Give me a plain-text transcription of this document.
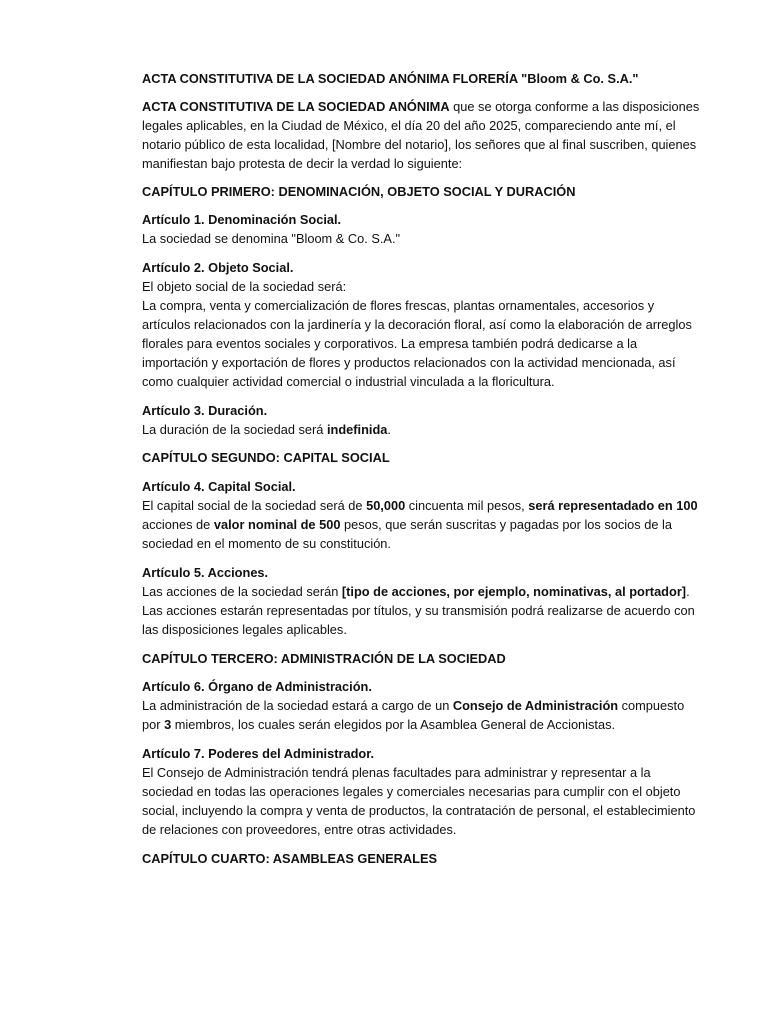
ACTA CONSTITUTIVA DE LA SOCIEDAD ANÓNIMA FLORERÍA "Bloom & Co. S.A."

ACTA CONSTITUTIVA DE LA SOCIEDAD ANÓNIMA que se otorga conforme a las disposiciones legales aplicables, en la Ciudad de México, el día 20 del año 2025, compareciendo ante mí, el notario público de esta localidad, [Nombre del notario], los señores que al final suscriben, quienes manifiestan bajo protesta de decir la verdad lo siguiente:

CAPÍTULO PRIMERO: DENOMINACIÓN, OBJETO SOCIAL Y DURACIÓN

Artículo 1. Denominación Social.
La sociedad se denomina "Bloom & Co. S.A."
Artículo 2. Objeto Social.
El objeto social de la sociedad será:
La compra, venta y comercialización de flores frescas, plantas ornamentales, accesorios y artículos relacionados con la jardinería y la decoración floral, así como la elaboración de arreglos florales para eventos sociales y corporativos. La empresa también podrá dedicarse a la importación y exportación de flores y productos relacionados con la actividad mencionada, así como cualquier actividad comercial o industrial vinculada a la floricultura.
Artículo 3. Duración.
La duración de la sociedad será indefinida.

CAPÍTULO SEGUNDO: CAPITAL SOCIAL

Artículo 4. Capital Social.
El capital social de la sociedad será de 50,000 cincuenta mil pesos, será representadado en 100 acciones de valor nominal de 500 pesos, que serán suscritas y pagadas por los socios de la sociedad en el momento de su constitución.
Artículo 5. Acciones.
Las acciones de la sociedad serán [tipo de acciones, por ejemplo, nominativas, al portador]. Las acciones estarán representadas por títulos, y su transmisión podrá realizarse de acuerdo con las disposiciones legales aplicables.

CAPÍTULO TERCERO: ADMINISTRACIÓN DE LA SOCIEDAD

Artículo 6. Órgano de Administración.
La administración de la sociedad estará a cargo de un Consejo de Administración compuesto por 3 miembros, los cuales serán elegidos por la Asamblea General de Accionistas.
Artículo 7. Poderes del Administrador.
El Consejo de Administración tendrá plenas facultades para administrar y representar a la sociedad en todas las operaciones legales y comerciales necesarias para cumplir con el objeto social, incluyendo la compra y venta de productos, la contratación de personal, el establecimiento de relaciones con proveedores, entre otras actividades.

CAPÍTULO CUARTO: ASAMBLEAS GENERALES
